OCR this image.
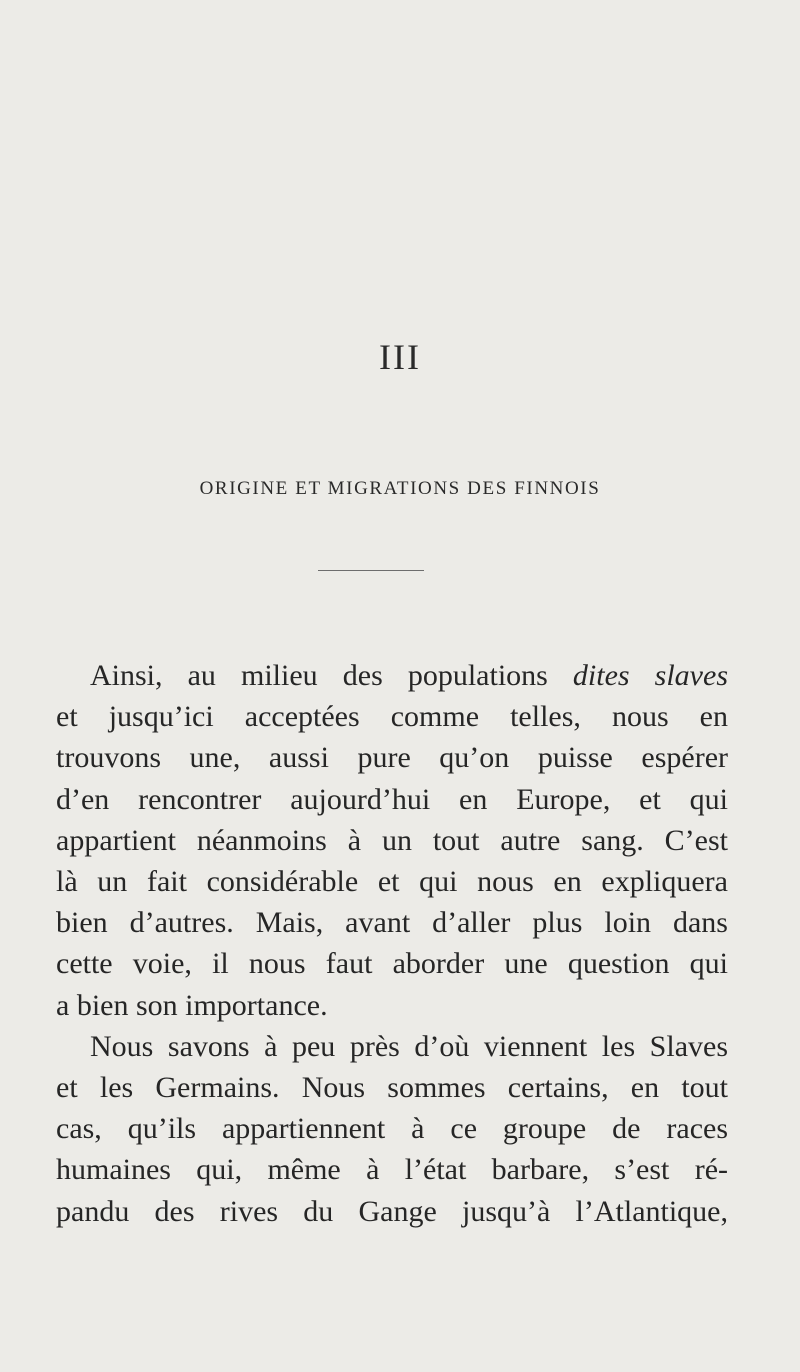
III
ORIGINE ET MIGRATIONS DES FINNOIS

Ainsi, au milieu des populations dites slaves
et jusqu’ici acceptées comme telles, nous en
trouvons une, aussi pure qu’on puisse espérer
d’en rencontrer aujourd’hui en Europe, et qui
appartient néanmoins à un tout autre sang. C’est
là un fait considérable et qui nous en expliquera
bien d’autres. Mais, avant d’aller plus loin dans
cette voie, il nous faut aborder une question qui
a bien son importance.

Nous savons à peu près d’où viennent les Slaves
et les Germains. Nous sommes certains, en tout
cas, qu’ils appartiennent à ce groupe de races
humaines qui, même à l’état barbare, s’est ré-
pandu des rives du Gange jusqu’à l’Atlantique,
